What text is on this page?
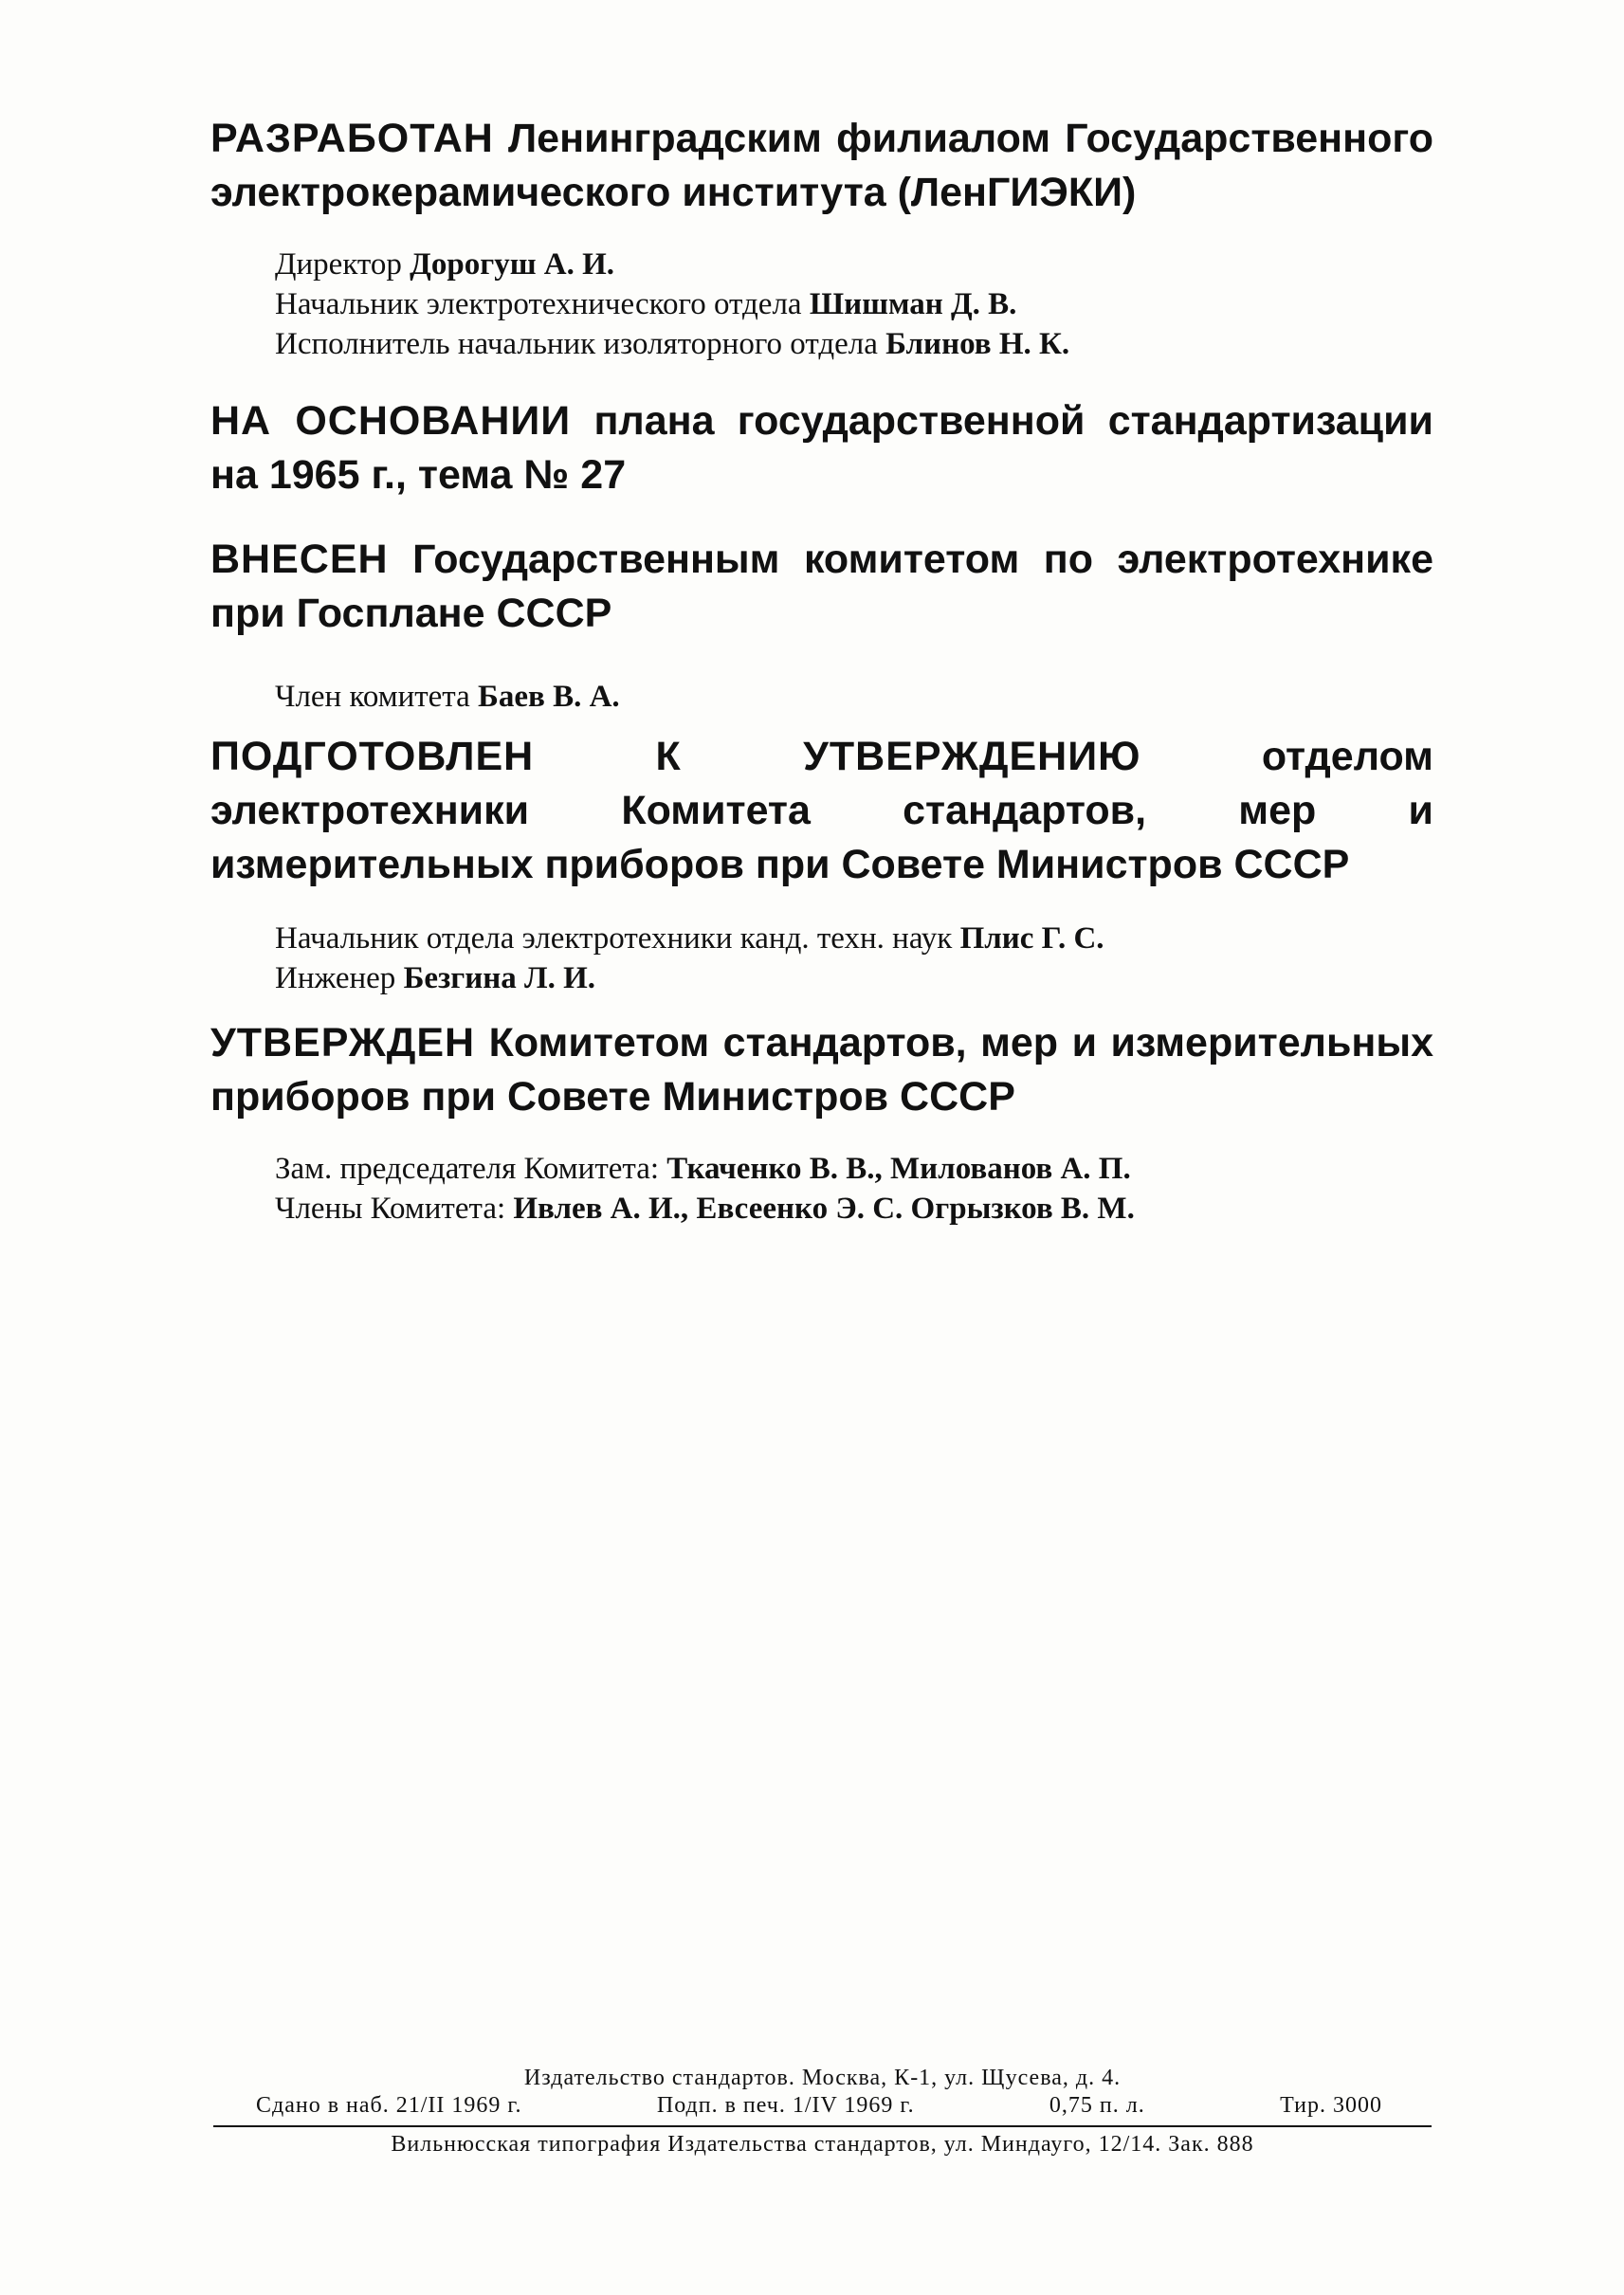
РАЗРАБОТАН Ленинградским филиалом Государственного электрокерамического института (ЛенГИЭКИ)

Директор Дорогуш А. И.

Начальник электротехнического отдела Шишман Д. В.

Исполнитель начальник изоляторного отдела Блинов Н. К.

НА ОСНОВАНИИ плана государственной стандартизации на 1965 г., тема № 27

ВНЕСЕН Государственным комитетом по электротехнике при Госплане СССР

Член комитета Баев В. А.

ПОДГОТОВЛЕН К УТВЕРЖДЕНИЮ	отделом электротехники Комитета стандартов, мер и измерительных приборов при Совете Министров СССР

Начальник отдела электротехники канд. техн. наук Плис Г. С.

Инженер Безгина Л. И.

УТВЕРЖДЕН Комитетом стандартов, мер и измерительных приборов при Совете Министров СССР

Зам. председателя Комитета: Ткаченко В. В., Милованов А. П.

Члены Комитета: Ивлев А. И., Евсеенко Э. С. Огрызков В. М.

Издательство стандартов. Москва, К-1, ул. Щусева, д. 4.
Сдано в наб. 21/II 1969 г.	Подп. в печ. 1/IV 1969 г.	0,75 п. л.	Тир. 3000
Вильнюсская типография Издательства стандартов, ул. Миндауго, 12/14. Зак. 888
